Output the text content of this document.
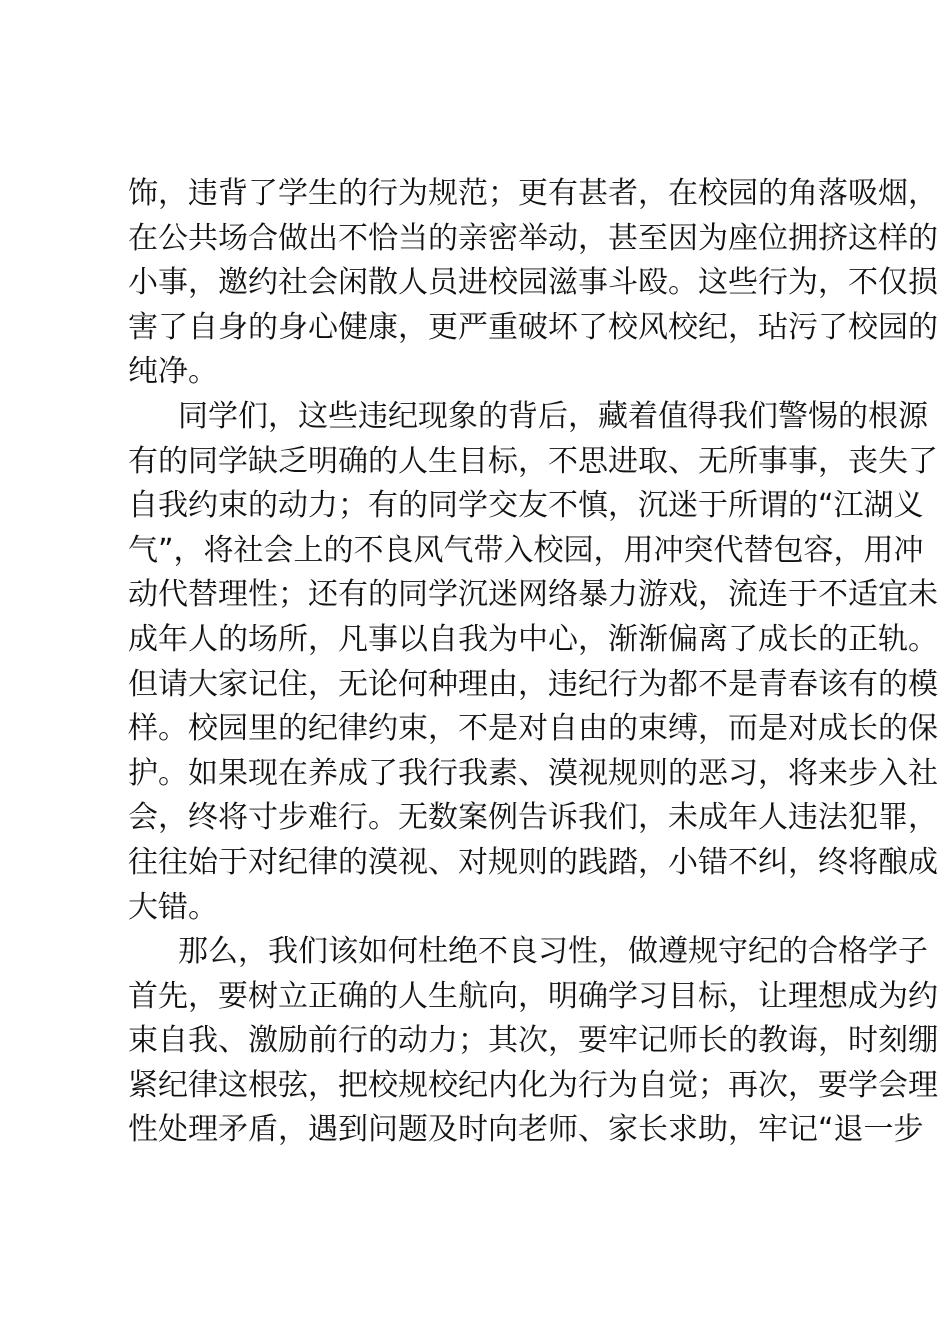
饰，违背了学生的行为规范；更有甚者，在校园的角落吸烟，
在公共场合做出不恰当的亲密举动，甚至因为座位拥挤这样的
小事，邀约社会闲散人员进校园滋事斗殴。这些行为，不仅损
害了自身的身心健康，更严重破坏了校风校纪，玷污了校园的
纯净。
同学们，这些违纪现象的背后，藏着值得我们警惕的根源
有的同学缺乏明确的人生目标，不思进取、无所事事，丧失了
自我约束的动力；有的同学交友不慎，沉迷于所谓的“江湖义
气”，将社会上的不良风气带入校园，用冲突代替包容，用冲
动代替理性；还有的同学沉迷网络暴力游戏，流连于不适宜未
成年人的场所，凡事以自我为中心，渐渐偏离了成长的正轨。
但请大家记住，无论何种理由，违纪行为都不是青春该有的模
样。校园里的纪律约束，不是对自由的束缚，而是对成长的保
护。如果现在养成了我行我素、漠视规则的恶习，将来步入社
会，终将寸步难行。无数案例告诉我们，未成年人违法犯罪，
往往始于对纪律的漠视、对规则的践踏，小错不纠，终将酿成
大错。
那么，我们该如何杜绝不良习性，做遵规守纪的合格学子
首先，要树立正确的人生航向，明确学习目标，让理想成为约
束自我、激励前行的动力；其次，要牢记师长的教诲，时刻绷
紧纪律这根弦，把校规校纪内化为行为自觉；再次，要学会理
性处理矛盾，遇到问题及时向老师、家长求助，牢记“退一步
